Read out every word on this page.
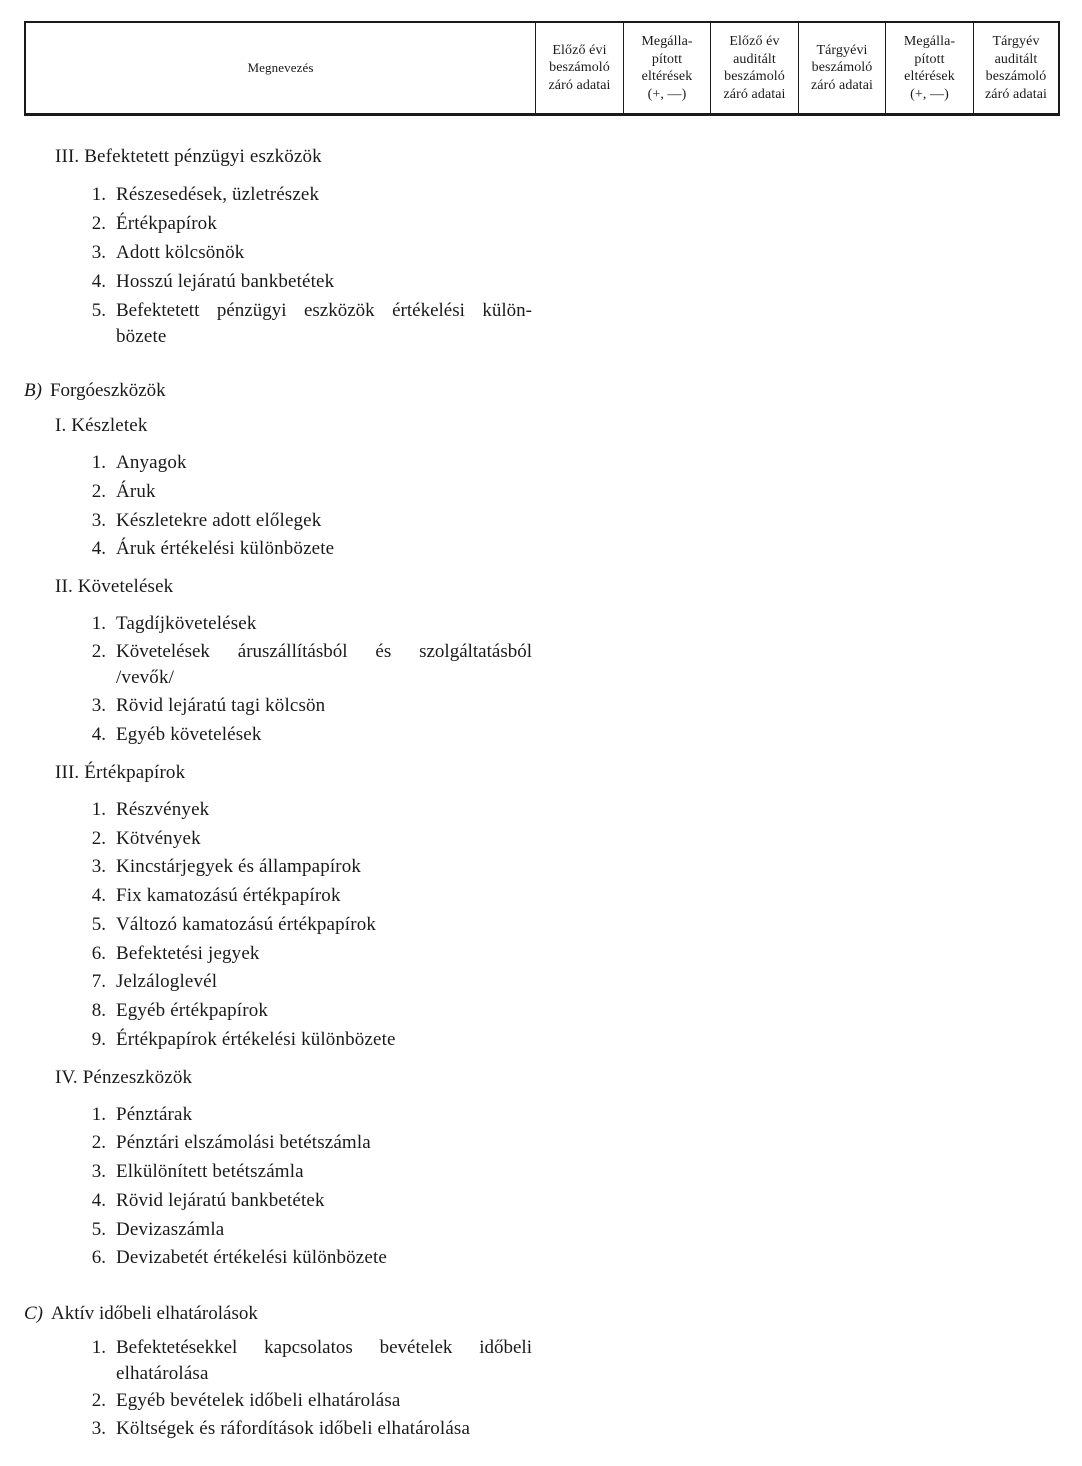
Megnevezés
Előző évi
beszámoló
záró adatai
Megálla-
pított
eltérések
(+, —)
Előző év
auditált
beszámoló
záró adatai
Tárgyévi
beszámoló
záró adatai
Megálla-
pított
eltérések
(+, —)
Tárgyév
auditált
beszámoló
záró adatai
III. Befektetett pénzügyi eszközök
1. Részesedések, üzletrészek
2. Értékpapírok
3. Adott kölcsönök
4. Hosszú lejáratú bankbetétek
5. Befektetett pénzügyi eszközök értékelési külön-
bözete
B) Forgóeszközök
I. Készletek
1. Anyagok
2. Áruk
3. Készletekre adott előlegek
4. Áruk értékelési különbözete
II. Követelések
1. Tagdíjkövetelések
2. Követelések áruszállításból és szolgáltatásból
/vevők/
3. Rövid lejáratú tagi kölcsön
4. Egyéb követelések
III. Értékpapírok
1. Részvények
2. Kötvények
3. Kincstárjegyek és állampapírok
4. Fix kamatozású értékpapírok
5. Változó kamatozású értékpapírok
6. Befektetési jegyek
7. Jelzáloglevél
8. Egyéb értékpapírok
9. Értékpapírok értékelési különbözete
IV. Pénzeszközök
1. Pénztárak
2. Pénztári elszámolási betétszámla
3. Elkülönített betétszámla
4. Rövid lejáratú bankbetétek
5. Devizaszámla
6. Devizabetét értékelési különbözete
C) Aktív időbeli elhatárolások
1. Befektetésekkel kapcsolatos bevételek időbeli
elhatárolása
2. Egyéb bevételek időbeli elhatárolása
3. Költségek és ráfordítások időbeli elhatárolása
